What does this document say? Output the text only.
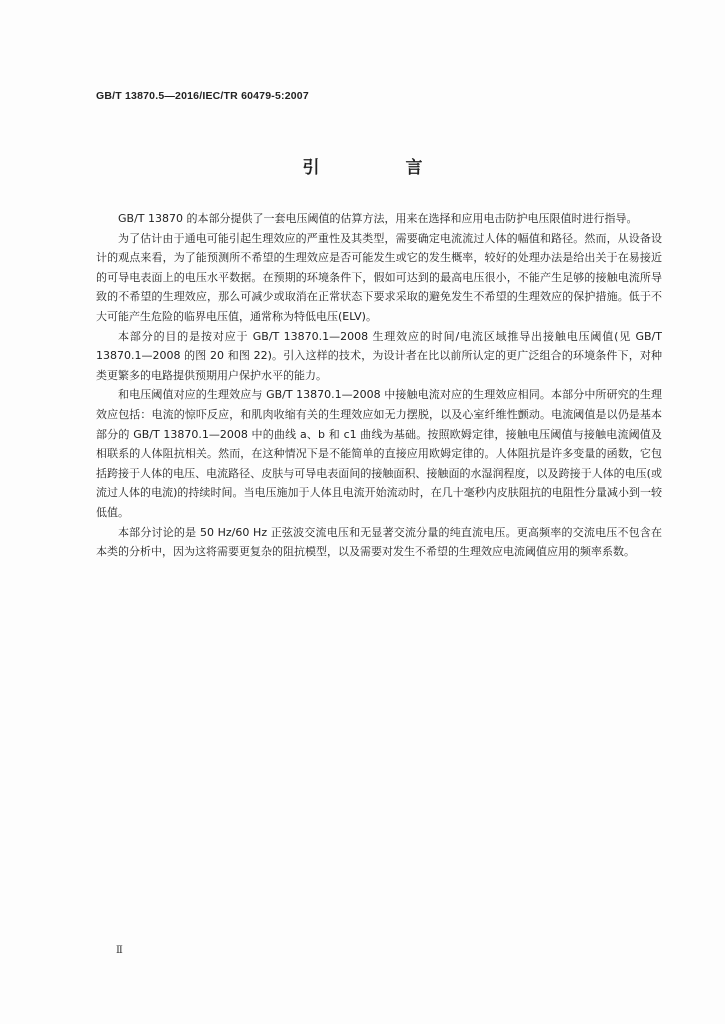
GB/T 13870.5—2016/IEC/TR 60479-5:2007
引 言

GB/T 13870 的本部分提供了一套电压阈值的估算方法，用来在选择和应用电击防护电压限值时进行指导。

为了估计由于通电可能引起生理效应的严重性及其类型，需要确定电流流过人体的幅值和路径。然而，从设备设计的观点来看，为了能预测所不希望的生理效应是否可能发生或它的发生概率，较好的处理办法是给出关于在易接近的可导电表面上的电压水平数据。在预期的环境条件下，假如可达到的最高电压很小，不能产生足够的接触电流所导致的不希望的生理效应，那么可减少或取消在正常状态下要求采取的避免发生不希望的生理效应的保护措施。低于不大可能产生危险的临界电压值，通常称为特低电压(ELV)。

本部分的目的是按对应于 GB/T 13870.1—2008 生理效应的时间/电流区域推导出接触电压阈值(见 GB/T 13870.1—2008 的图 20 和图 22)。引入这样的技术，为设计者在比以前所认定的更广泛组合的环境条件下，对种类更繁多的电路提供预期用户保护水平的能力。

和电压阈值对应的生理效应与 GB/T 13870.1—2008 中接触电流对应的生理效应相同。本部分中所研究的生理效应包括：电流的惊吓反应，和肌肉收缩有关的生理效应如无力摆脱，以及心室纤维性颤动。电流阈值是以仍是基本部分的 GB/T 13870.1—2008 中的曲线 a、b 和 c1 曲线为基础。按照欧姆定律，接触电压阈值与接触电流阈值及相联系的人体阻抗相关。然而，在这种情况下是不能简单的直接应用欧姆定律的。人体阻抗是许多变量的函数，它包括跨接于人体的电压、电流路径、皮肤与可导电表面间的接触面积、接触面的水湿润程度，以及跨接于人体的电压(或流过人体的电流)的持续时间。当电压施加于人体且电流开始流动时，在几十毫秒内皮肤阻抗的电阻性分量减小到一较低值。

本部分讨论的是 50 Hz/60 Hz 正弦波交流电压和无显著交流分量的纯直流电压。更高频率的交流电压不包含在本类的分析中，因为这将需要更复杂的阻抗模型，以及需要对发生不希望的生理效应电流阈值应用的频率系数。

Ⅱ
